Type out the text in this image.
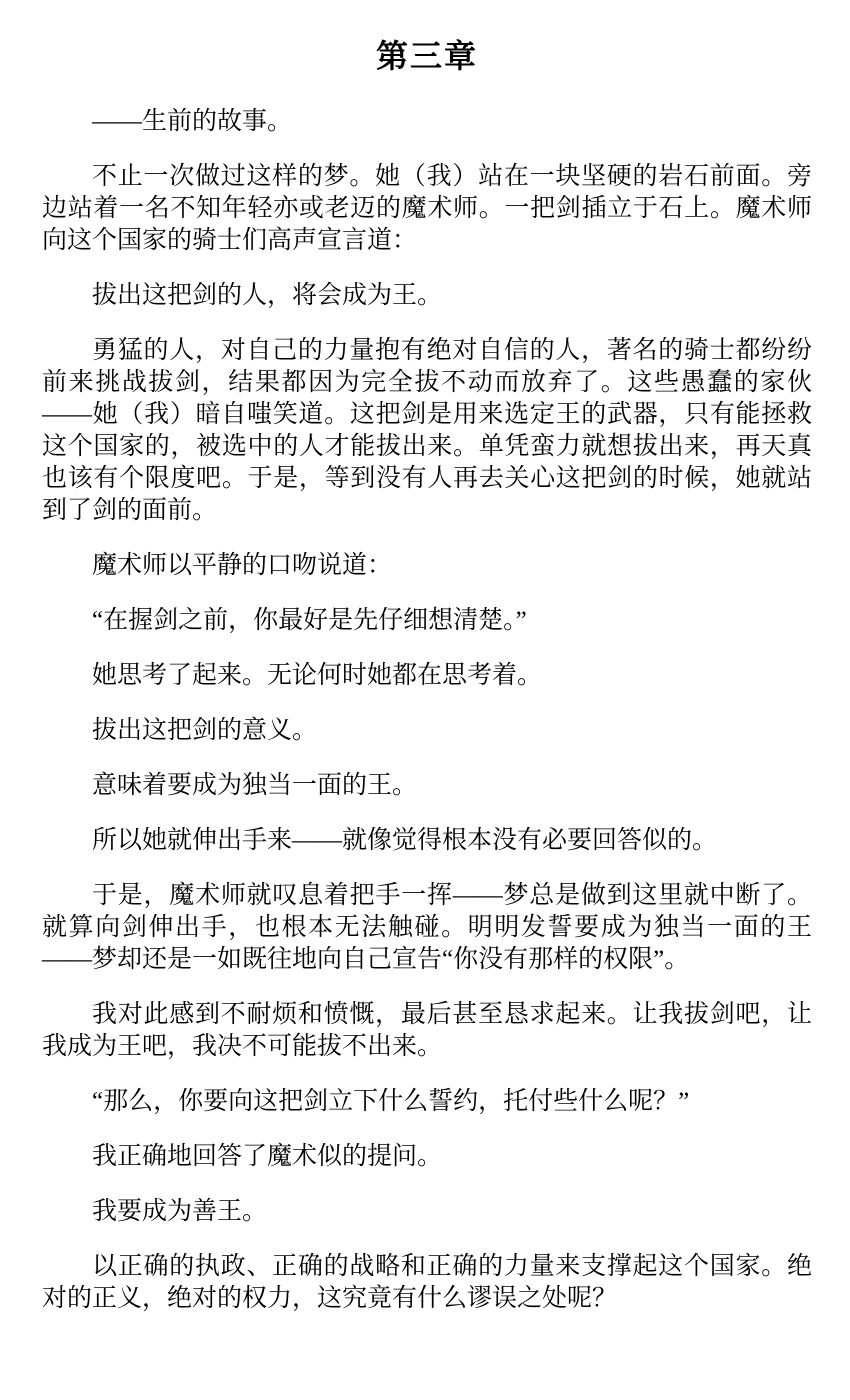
第三章

——生前的故事。

不止一次做过这样的梦。她（我）站在一块坚硬的岩石前面。旁边站着一名不知年轻亦或老迈的魔术师。一把剑插立于石上。魔术师向这个国家的骑士们高声宣言道：

拔出这把剑的人，将会成为王。

勇猛的人，对自己的力量抱有绝对自信的人，著名的骑士都纷纷前来挑战拔剑，结果都因为完全拔不动而放弃了。这些愚蠢的家伙——她（我）暗自嗤笑道。这把剑是用来选定王的武器，只有能拯救这个国家的，被选中的人才能拔出来。单凭蛮力就想拔出来，再天真也该有个限度吧。于是，等到没有人再去关心这把剑的时候，她就站到了剑的面前。

魔术师以平静的口吻说道：

“在握剑之前，你最好是先仔细想清楚。”

她思考了起来。无论何时她都在思考着。

拔出这把剑的意义。

意味着要成为独当一面的王。

所以她就伸出手来——就像觉得根本没有必要回答似的。

于是，魔术师就叹息着把手一挥——梦总是做到这里就中断了。就算向剑伸出手，也根本无法触碰。明明发誓要成为独当一面的王——梦却还是一如既往地向自己宣告“你没有那样的权限”。

我对此感到不耐烦和愤慨，最后甚至恳求起来。让我拔剑吧，让我成为王吧，我决不可能拔不出来。

“那么，你要向这把剑立下什么誓约，托付些什么呢？”

我正确地回答了魔术似的提问。

我要成为善王。

以正确的执政、正确的战略和正确的力量来支撑起这个国家。绝对的正义，绝对的权力，这究竟有什么谬误之处呢？
